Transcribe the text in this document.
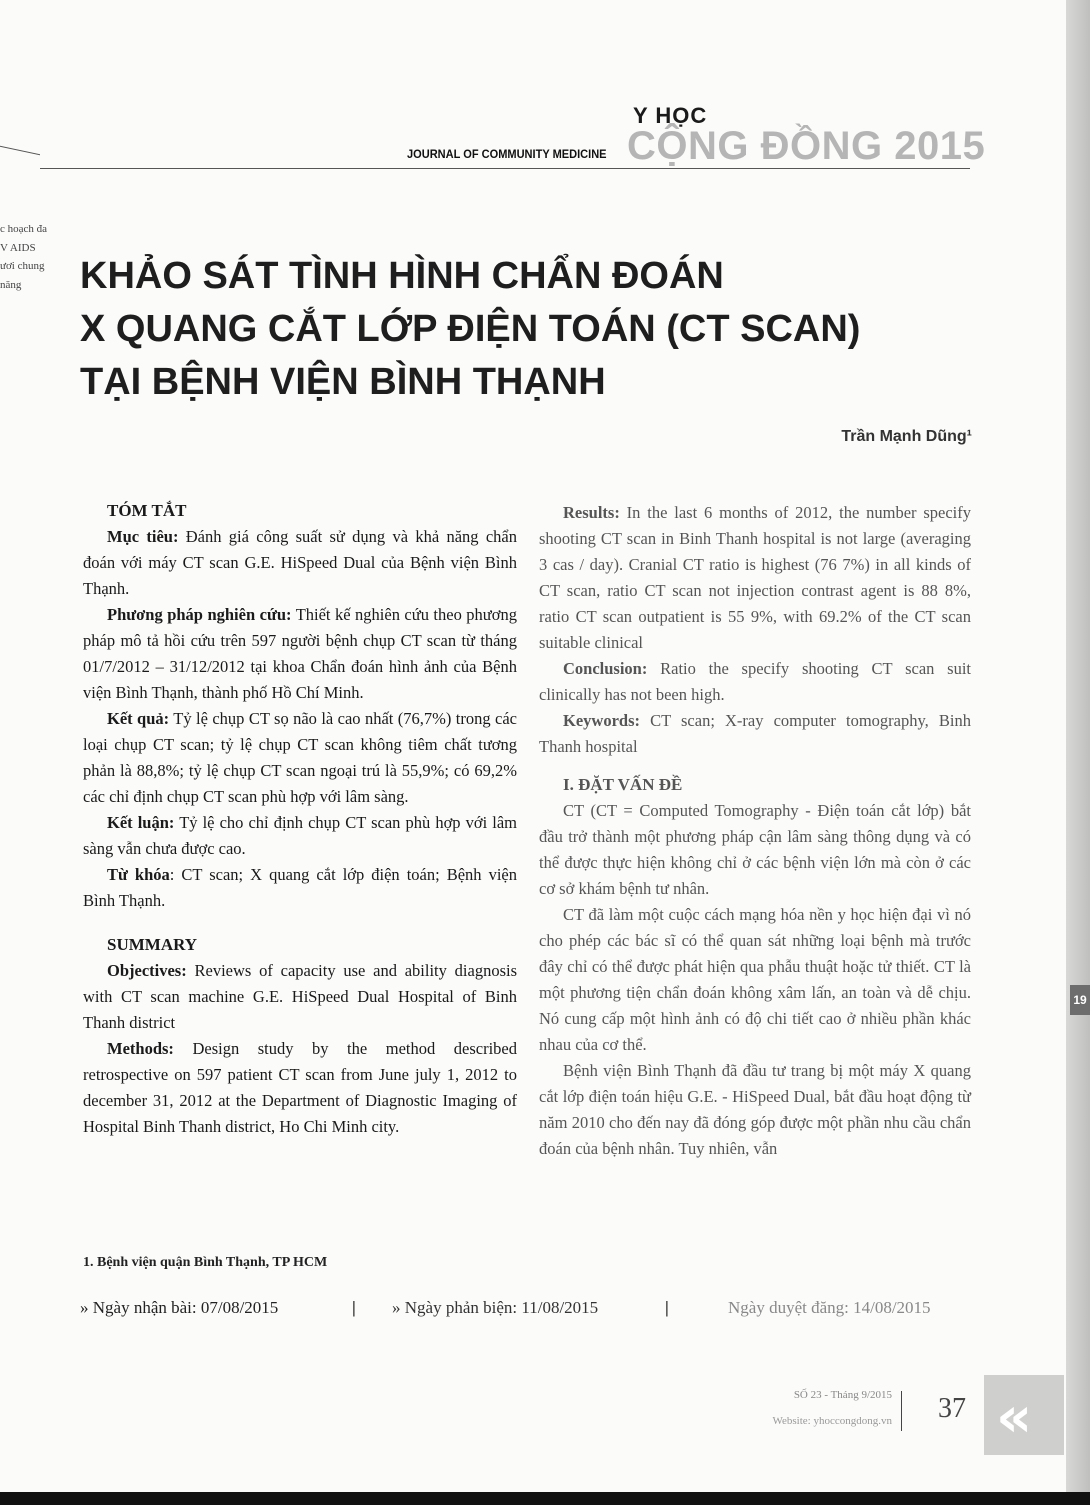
c hoạch đa
V AIDS
ươi chung
năng
19
Y HỌC
JOURNAL OF COMMUNITY MEDICINE CỘNG ĐỒNG 2015
KHẢO SÁT TÌNH HÌNH CHẨN ĐOÁN
X QUANG CẮT LỚP ĐIỆN TOÁN (CT SCAN)
TẠI BỆNH VIỆN BÌNH THẠNH
Trần Mạnh Dũng¹
TÓM TẮT

Mục tiêu: Đánh giá công suất sử dụng và khả năng chẩn đoán với máy CT scan G.E. HiSpeed Dual của Bệnh viện Bình Thạnh.

Phương pháp nghiên cứu: Thiết kế nghiên cứu theo phương pháp mô tả hồi cứu trên 597 người bệnh chụp CT scan từ tháng 01/7/2012 – 31/12/2012 tại khoa Chẩn đoán hình ảnh của Bệnh viện Bình Thạnh, thành phố Hồ Chí Minh.

Kết quả: Tỷ lệ chụp CT sọ não là cao nhất (76,7%) trong các loại chụp CT scan; tỷ lệ chụp CT scan không tiêm chất tương phản là 88,8%; tỷ lệ chụp CT scan ngoại trú là 55,9%; có 69,2% các chỉ định chụp CT scan phù hợp với lâm sàng.

Kết luận: Tỷ lệ cho chỉ định chụp CT scan phù hợp với lâm sàng vẫn chưa được cao.

Từ khóa: CT scan; X quang cắt lớp điện toán; Bệnh viện Bình Thạnh.

SUMMARY

Objectives: Reviews of capacity use and ability diagnosis with CT scan machine G.E. HiSpeed Dual Hospital of Binh Thanh district

Methods: Design study by the method described retrospective on 597 patient CT scan from June july 1, 2012 to december 31, 2012 at the Department of Diagnostic Imaging of Hospital Binh Thanh district, Ho Chi Minh city.

Results: In the last 6 months of 2012, the number specify shooting CT scan in Binh Thanh hospital is not large (averaging 3 cas / day). Cranial CT ratio is highest (76 7%) in all kinds of CT scan, ratio CT scan not injection contrast agent is 88 8%, ratio CT scan outpatient is 55 9%, with 69.2% of the CT scan suitable clinical

Conclusion: Ratio the specify shooting CT scan suit clinically has not been high.

Keywords: CT scan; X-ray computer tomography, Binh Thanh hospital

I. ĐẶT VẤN ĐỀ

CT (CT = Computed Tomography - Điện toán cắt lớp) bắt đầu trở thành một phương pháp cận lâm sàng thông dụng và có thể được thực hiện không chỉ ở các bệnh viện lớn mà còn ở các cơ sở khám bệnh tư nhân.

CT đã làm một cuộc cách mạng hóa nền y học hiện đại vì nó cho phép các bác sĩ có thể quan sát những loại bệnh mà trước đây chỉ có thể được phát hiện qua phẫu thuật hoặc tử thiết. CT là một phương tiện chẩn đoán không xâm lấn, an toàn và dễ chịu. Nó cung cấp một hình ảnh có độ chi tiết cao ở nhiều phần khác nhau của cơ thể.

Bệnh viện Bình Thạnh đã đầu tư trang bị một máy X quang cắt lớp điện toán hiệu G.E. - HiSpeed Dual, bắt đầu hoạt động từ năm 2010 cho đến nay đã đóng góp được một phần nhu cầu chẩn đoán của bệnh nhân. Tuy nhiên, vẫn

1. Bệnh viện quận Bình Thạnh, TP HCM
» Ngày nhận bài: 07/08/2015	| » Ngày phản biện: 11/08/2015	|	Ngày duyệt đăng: 14/08/2015
SỐ 23 - Tháng 9/2015
Website: yhoccongdong.vn 37 «
